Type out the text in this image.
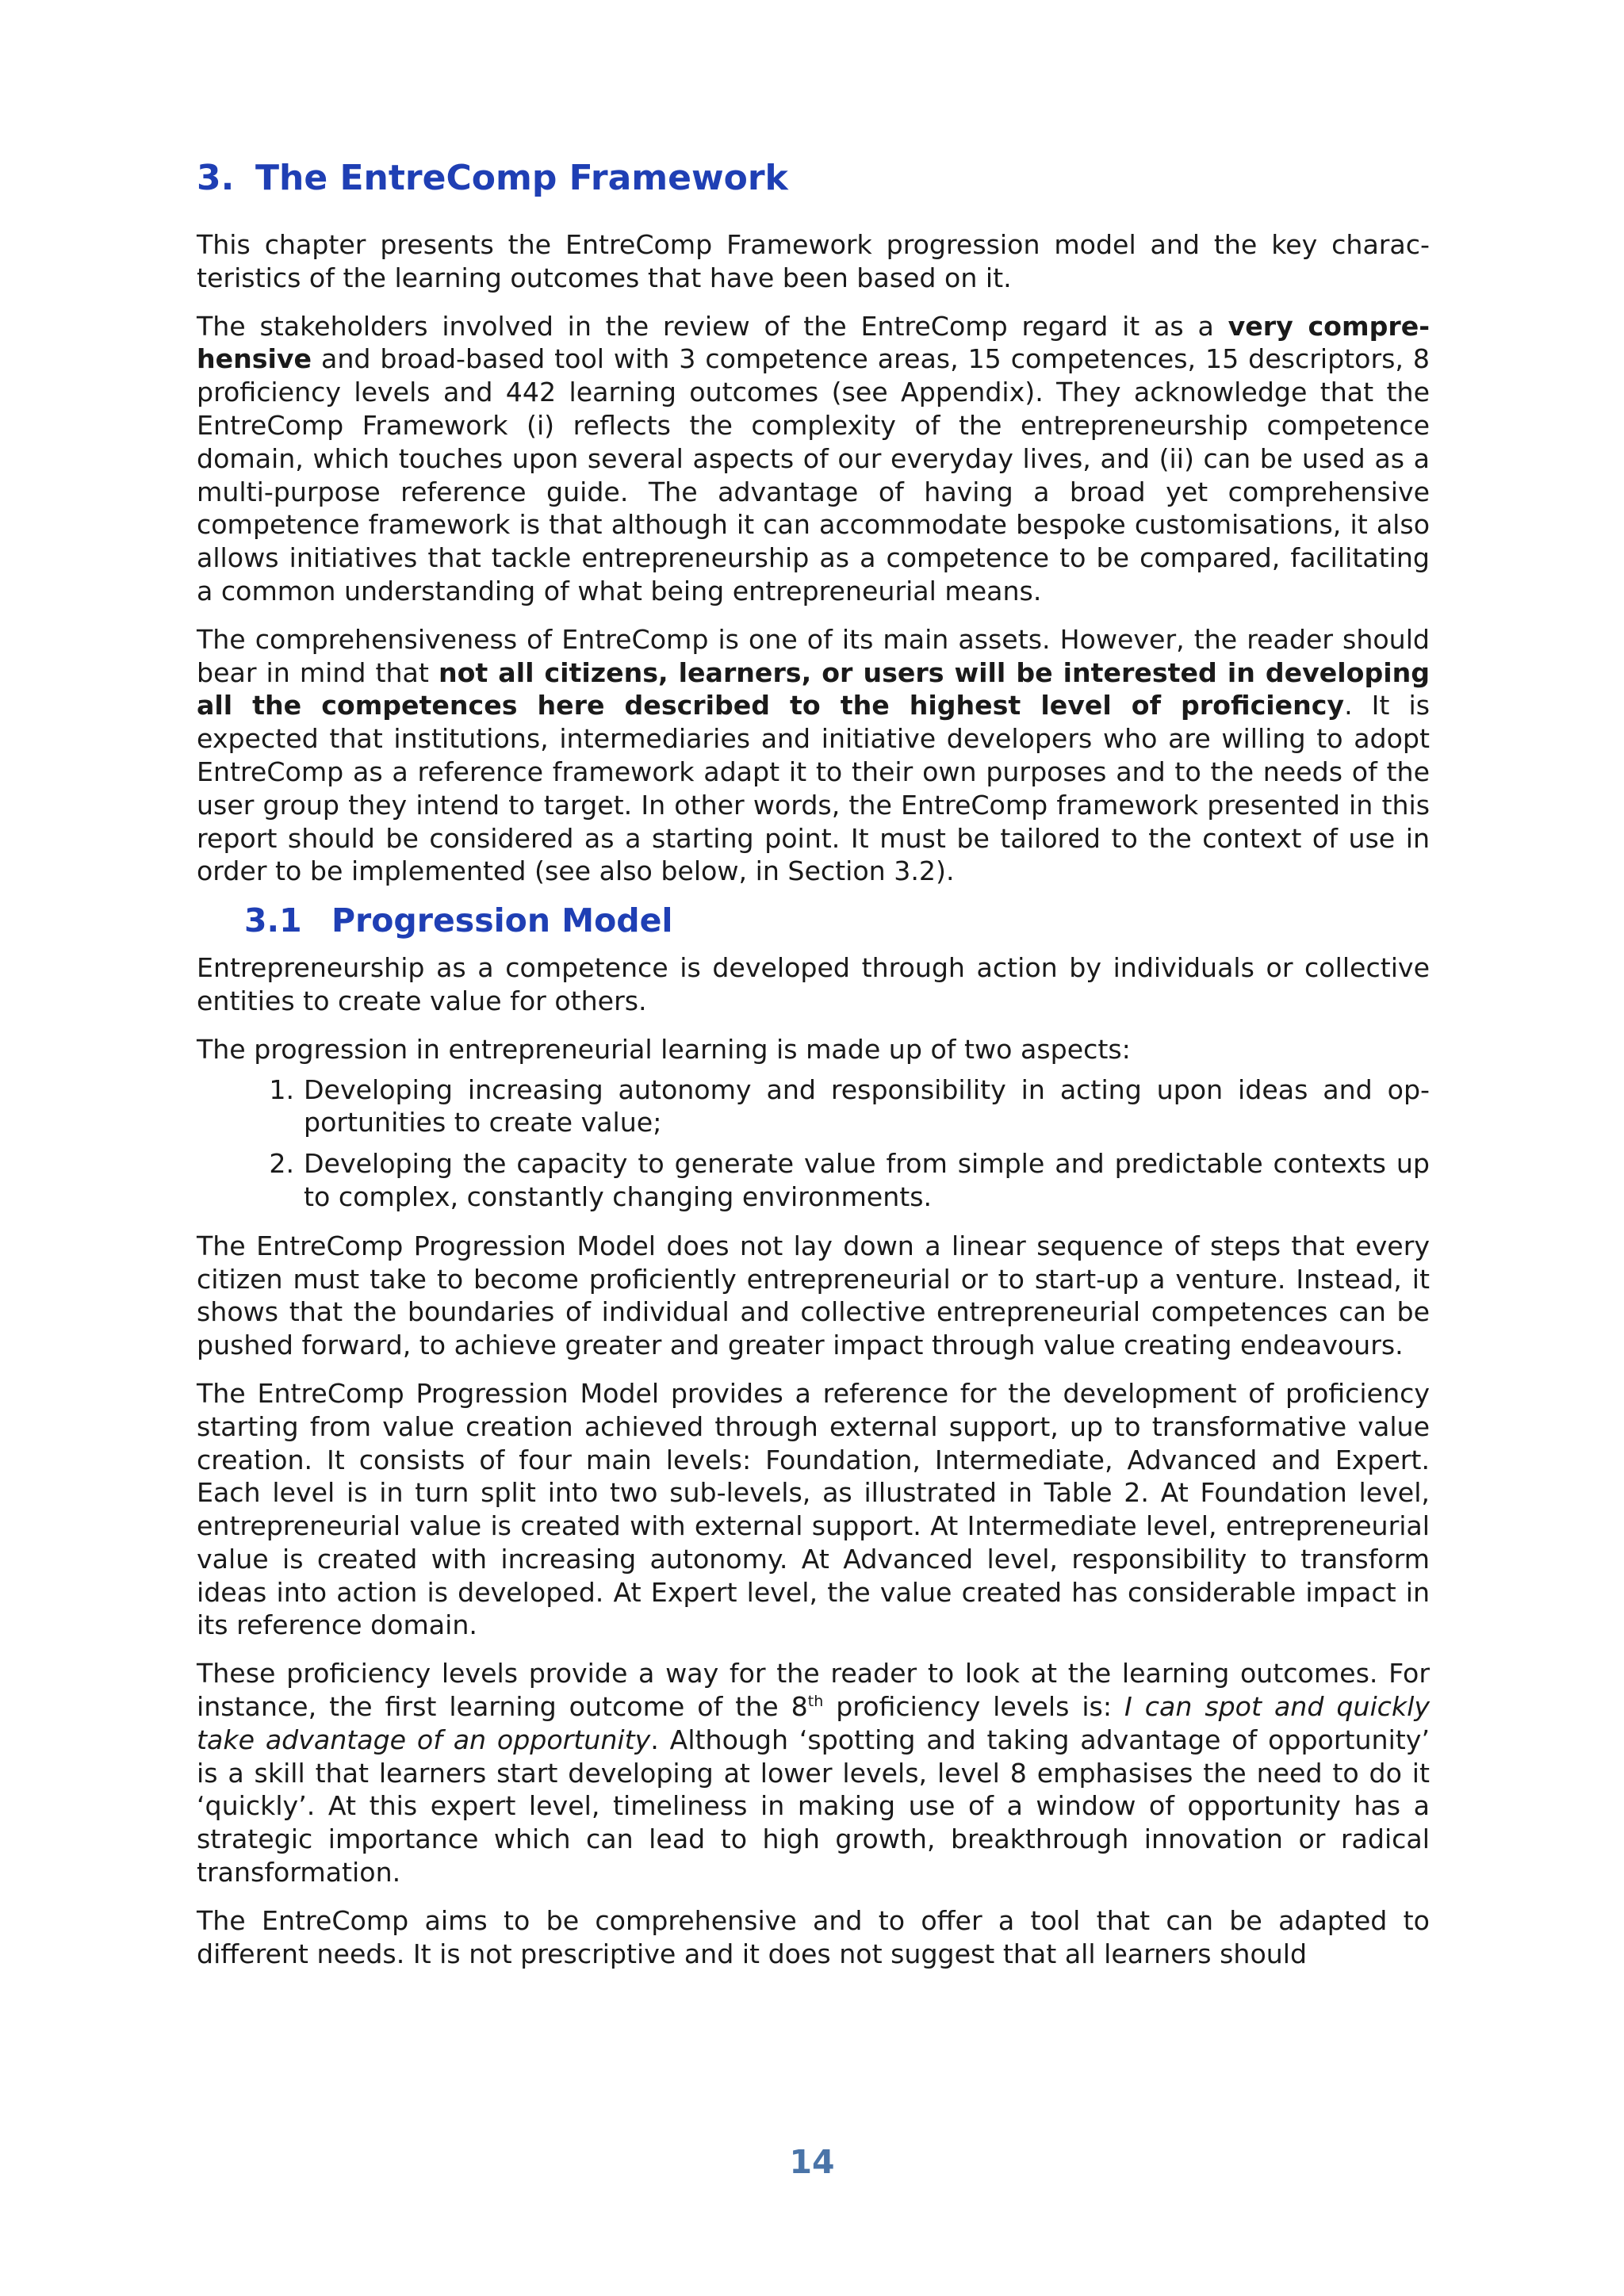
3. The EntreComp Framework

This chapter presents the EntreComp Framework progression model and the key characteristics of the learning outcomes that have been based on it.

The stakeholders involved in the review of the EntreComp regard it as a very comprehensive and broad-based tool with 3 competence areas, 15 competences, 15 descriptors, 8 proficiency levels and 442 learning outcomes (see Appendix). They acknowledge that the EntreComp Framework (i) reflects the complexity of the entrepreneurship competence domain, which touches upon several aspects of our everyday lives, and (ii) can be used as a multi-purpose reference guide. The advantage of having a broad yet comprehensive competence framework is that although it can accommodate bespoke customisations, it also allows initiatives that tackle entrepreneurship as a competence to be compared, facilitating a common understanding of what being entrepreneurial means.

The comprehensiveness of EntreComp is one of its main assets. However, the reader should bear in mind that not all citizens, learners, or users will be interested in developing all the competences here described to the highest level of proficiency. It is expected that institutions, intermediaries and initiative developers who are willing to adopt EntreComp as a reference framework adapt it to their own purposes and to the needs of the user group they intend to target. In other words, the EntreComp framework presented in this report should be considered as a starting point. It must be tailored to the context of use in order to be implemented (see also below, in Section 3.2).

3.1 Progression Model

Entrepreneurship as a competence is developed through action by individuals or collective entities to create value for others.

The progression in entrepreneurial learning is made up of two aspects:

1. Developing increasing autonomy and responsibility in acting upon ideas and opportunities to create value;
2. Developing the capacity to generate value from simple and predictable contexts up to complex, constantly changing environments.

The EntreComp Progression Model does not lay down a linear sequence of steps that every citizen must take to become proficiently entrepreneurial or to start-up a venture. Instead, it shows that the boundaries of individual and collective entrepreneurial competences can be pushed forward, to achieve greater and greater impact through value creating endeavours.

The EntreComp Progression Model provides a reference for the development of proficiency starting from value creation achieved through external support, up to transformative value creation. It consists of four main levels: Foundation, Intermediate, Advanced and Expert. Each level is in turn split into two sub-levels, as illustrated in Table 2. At Foundation level, entrepreneurial value is created with external support. At Intermediate level, entrepreneurial value is created with increasing autonomy. At Advanced level, responsibility to transform ideas into action is developed. At Expert level, the value created has considerable impact in its reference domain.

These proficiency levels provide a way for the reader to look at the learning outcomes. For instance, the first learning outcome of the 8th proficiency levels is: I can spot and quickly take advantage of an opportunity. Although ‘spotting and taking advantage of opportunity’ is a skill that learners start developing at lower levels, level 8 emphasises the need to do it ‘quickly’. At this expert level, timeliness in making use of a window of opportunity has a strategic importance which can lead to high growth, breakthrough innovation or radical transformation.

The EntreComp aims to be comprehensive and to offer a tool that can be adapted to different needs. It is not prescriptive and it does not suggest that all learners should

14
